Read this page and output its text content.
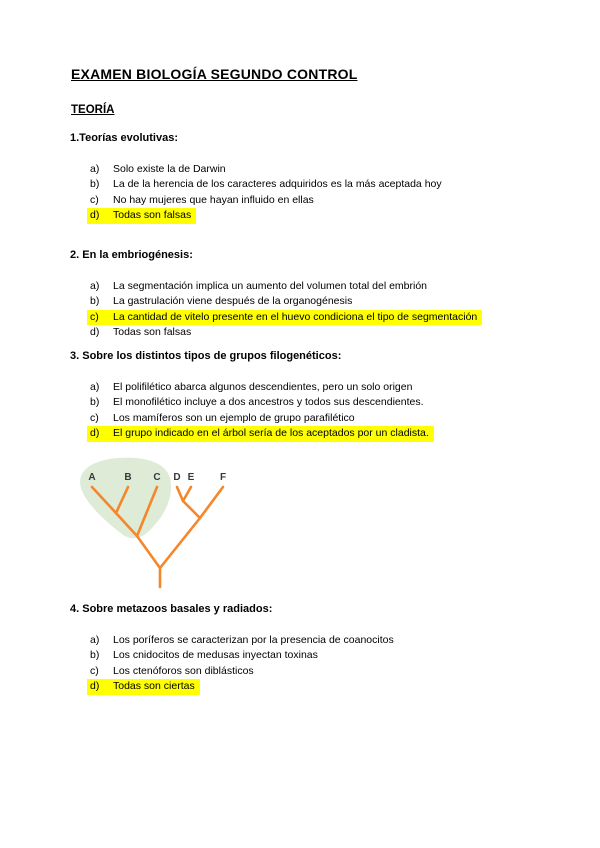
EXAMEN BIOLOGÍA SEGUNDO CONTROL
TEORÍA
1.Teorías evolutivas:
a) Solo existe la de Darwin
b) La de la herencia de los caracteres adquiridos es la más aceptada hoy
c) No hay mujeres que hayan influido en ellas
d) Todas son falsas
2. En la embriogénesis:
a) La segmentación implica un aumento del volumen total del embrión
b) La gastrulación viene después de la organogénesis
c) La cantidad de vitelo presente en el huevo condiciona el tipo de segmentación
d) Todas son falsas
3. Sobre los distintos tipos de grupos filogenéticos:
a) El polifilético abarca algunos descendientes, pero un solo origen
b) El monofilético incluye a dos ancestros y todos sus descendientes.
c) Los mamíferos son un ejemplo de grupo parafilético
d) El grupo indicado en el árbol sería de los aceptados por un cladista.
A	B C D E	F
4. Sobre metazoos basales y radiados:
a) Los poríferos se caracterizan por la presencia de coanocitos
b) Los cnidocitos de medusas inyectan toxinas
c) Los ctenóforos son diblásticos
d) Todas son ciertas
